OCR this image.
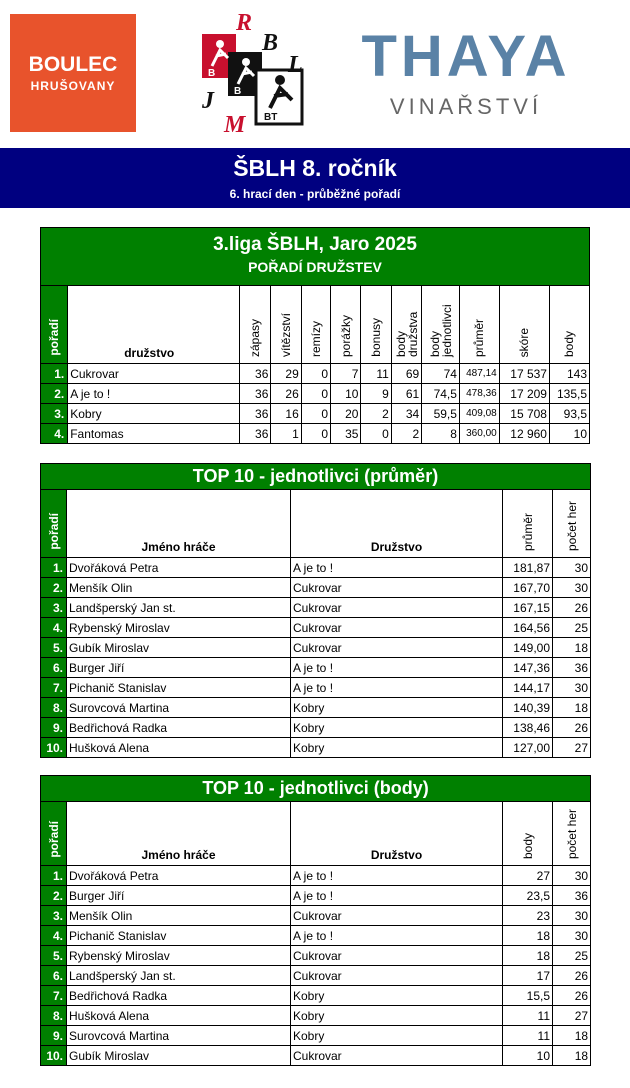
BOULEC
HRUŠOVANY
R
B
L
J
M
B
B
BT
THAYA
VINAŘSTVÍ
ŠBLH 8. ročník
6. hrací den - průběžné pořadí
3.liga ŠBLH, Jaro 2025
POŘADÍ DRUŽSTEV											

pořadí	družstvo	zápasy	vítězství	remízy	porážky	bonusy	body družstva	body jednotlivci	průměr	skóre	body
1.	Cukrovar	36	29	0	7	11	69	74	487,14	17 537	143
2.	A je to !	36	26	0	10	9	61	74,5	478,36	17 209	135,5
3.	Kobry	36	16	0	20	2	34	59,5	409,08	15 708	93,5
4.	Fantomas	36	1	0	35	0	2	8	360,00	12 960	10
TOP 10 - jednotlivci (průměr)				
pořadí	Jméno hráče	Družstvo	průměr	počet her
1.	Dvořáková Petra	A je to !	181,87	30
2.	Menšík Olin	Cukrovar	167,70	30
3.	Landšperský Jan st.	Cukrovar	167,15	26
4.	Rybenský Miroslav	Cukrovar	164,56	25
5.	Gubík Miroslav	Cukrovar	149,00	18
6.	Burger Jiří	A je to !	147,36	36
7.	Pichanič Stanislav	A je to !	144,17	30
8.	Surovcová Martina	Kobry	140,39	18
9.	Bedřichová Radka	Kobry	138,46	26
10.	Hušková Alena	Kobry	127,00	27
TOP 10 - jednotlivci (body)				
pořadí	Jméno hráče	Družstvo	body	počet her
1.	Dvořáková Petra	A je to !	27	30
2.	Burger Jiří	A je to !	23,5	36
3.	Menšík Olin	Cukrovar	23	30
4.	Pichanič Stanislav	A je to !	18	30
5.	Rybenský Miroslav	Cukrovar	18	25
6.	Landšperský Jan st.	Cukrovar	17	26
7.	Bedřichová Radka	Kobry	15,5	26
8.	Hušková Alena	Kobry	11	27
9.	Surovcová Martina	Kobry	11	18
10.	Gubík Miroslav	Cukrovar	10	18
